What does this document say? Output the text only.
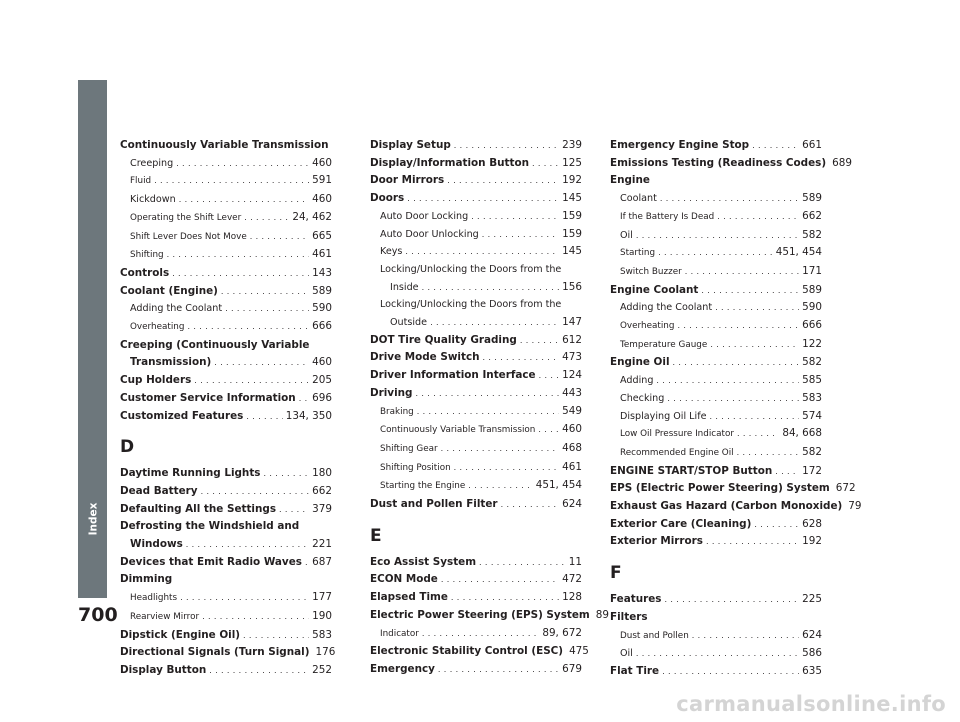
Index
700
Continuously Variable Transmission
Creeping . . .	460
Fluid . . .	591
Kickdown . . .	460
Operating the Shift Lever . . .	24, 462
Shift Lever Does Not Move . . .	665
Shifting . . .	461
Controls . . .	143
Coolant (Engine) . . .	589
Adding the Coolant . . .	590
Overheating . . .	666
Creeping (Continuously Variable
Transmission) . . .	460
Cup Holders . . .	205
Customer Service Information . . . 696
Customized Features . . .	134, 350
D
Daytime Running Lights . . .	180
Dead Battery . . .	662
Defaulting All the Settings . . .	379
Defrosting the Windshield and
Windows . . .	221
Devices that Emit Radio Waves . . . 687
Dimming
Headlights . . .	177
Rearview Mirror . . .	190
Dipstick (Engine Oil) . . .	583
Directional Signals (Turn Signal) 176
Display Button . . .	252
Display Setup . . .	239
Display/Information Button . . .	125
Door Mirrors . . .	192
Doors . . .	145
Auto Door Locking . . .	159
Auto Door Unlocking . . .	159
Keys . . .	145
Locking/Unlocking the Doors from the
Inside . . .	156
Locking/Unlocking the Doors from the
Outside . . .	147
DOT Tire Quality Grading . . .	612
Drive Mode Switch . . .	473
Driver Information Interface . . .	124
Driving . . .	443
Braking . . .	549
Continuously Variable Transmission . . .	460
Shifting Gear . . .	468
Shifting Position . . .	461
Starting the Engine . . .	451, 454
Dust and Pollen Filter . . .	624
E
Eco Assist System . . .	11
ECON Mode . . .	472
Elapsed Time . . .	128
Electric Power Steering (EPS) System 89
Indicator . . .	89, 672
Electronic Stability Control (ESC) 475
Emergency . . .	679
Emergency Engine Stop . . .	661
Emissions Testing (Readiness Codes) 689
Engine
Coolant . . .	589
If the Battery Is Dead . . .	662
Oil . . .	582
Starting . . .	451, 454
Switch Buzzer . . .	171
Engine Coolant . . .	589
Adding the Coolant . . .	590
Overheating . . .	666
Temperature Gauge . . .	122
Engine Oil . . .	582
Adding . . .	585
Checking . . .	583
Displaying Oil Life . . .	574
Low Oil Pressure Indicator . . .	84, 668
Recommended Engine Oil . . .	582
ENGINE START/STOP Button . . .	172
EPS (Electric Power Steering) System 672
Exhaust Gas Hazard (Carbon Monoxide) 79
Exterior Care (Cleaning) . . .	628
Exterior Mirrors . . .	192
F
Features . . .	225
Filters
Dust and Pollen . . .	624
Oil . . .	586
Flat Tire . . .	635
carmanualsonline.info
